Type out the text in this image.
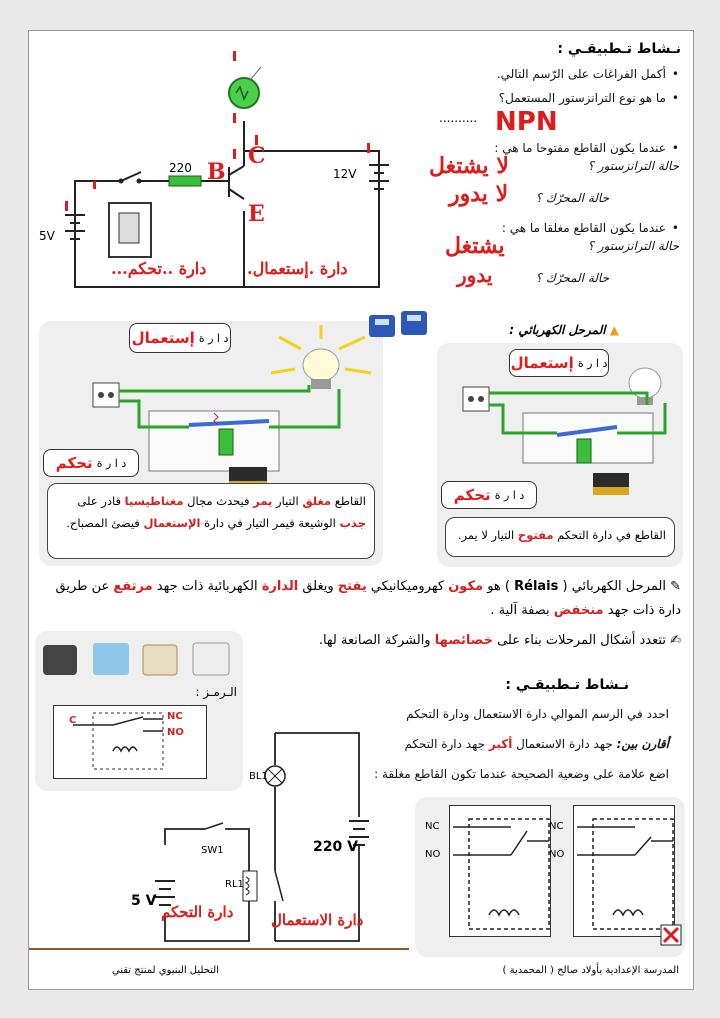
220
5V
12V
B
C
E
دارة ..تحكم...	دارة .إستعمال.
نـشاط تـطبيقـي :
• أكمل الفراغات على الرّسم التالي.
• ما هو نوع الترانزستور المستعمل؟
.......... NPN
• عندما يكون القاطع مفتوحا ما هي :
حالة الترانزستور ؟
لا يشتغل
حالة المحرّك ؟
لا يدور
• عندما يكون القاطع مغلقا ما هي :
حالة الترانزستور ؟
يشتغل
حالة المحرّك ؟
يدور
د ا ر ة
إستعمال
د ا ر ة
تحكم
القاطع مغلق التيار يمر فيحدث مجال مغناطيسيا قادر على جذب الوشيعة فيمر التيار في دارة الإستعمال فيضئ المصباح.
▲ المرحل الكهربائي :
د ا ر ة
إستعمال
د ا ر ة
تحكم
القاطع في دارة التحكم مفتوح التيار لا يمر.
✎ المرحل الكهربائي ( Rélais ) هو مكون كهروميكانيكي يفتح ويغلق الدارة الكهربائية ذات جهد مرتفع عن طريق دارة ذات جهد منخفض بصفة آلية .
✍ تتعدد أشكال المرحلات بناء على خصائصها والشركة الصانعة لها.
الـرمـز :
C	NC
NO
نـشاط تـطبيقـي :
احدد في الرسم الموالي دارة الاستعمال ودارة التحكم
أقارن بين: جهد دارة الاستعمال أكبر جهد دارة التحكم
اضع علامة على وضعية الصحيحة عندما تكون القاطع مغلقة :
BL1
SW1
RL1
220 V
5 V
دارة التحكم	دارة الاستعمال
NC
NO
NC
NO
المدرسة الإعدادية بأولاد صالح ( المحمدية )
التحليل البنيوي لمنتج تقني
